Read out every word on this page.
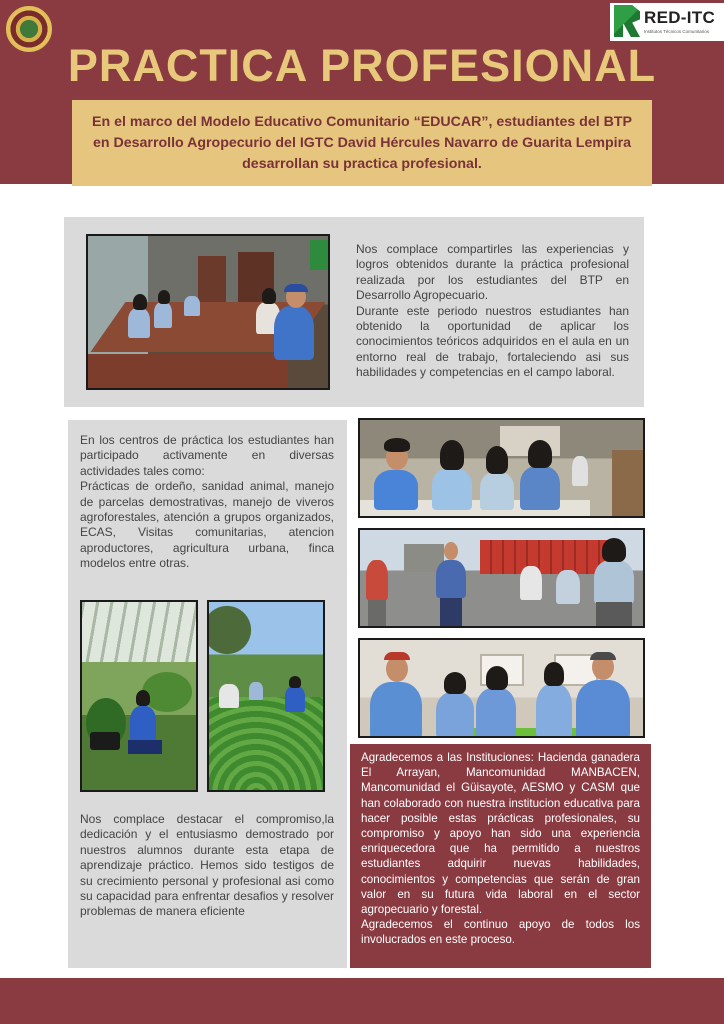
RED-ITC
Institutos Técnicos Comunitarios
PRACTICA PROFESIONAL

En el marco del Modelo Educativo Comunitario “EDUCAR”, estudiantes del BTP en Desarrollo Agropecurio del IGTC David Hércules Navarro de Guarita Lempira desarrollan su practica profesional.

Nos complace compartirles las experiencias y logros obtenidos durante la práctica profesional realizada por los estudiantes del BTP en Desarrollo Agropecuario.

Durante este periodo nuestros estudiantes han obtenido la oportunidad de aplicar los conocimientos teóricos adquiridos en el aula en un entorno real de trabajo, fortaleciendo asi sus habilidades y competencias en el campo laboral.

En los centros de práctica los estudiantes han participado activamente en diversas actividades tales como:

Prácticas de ordeño, sanidad animal, manejo de parcelas demostrativas, manejo de viveros agroforestales, atención a grupos organizados, ECAS, Visitas comunitarias, atencion aproductores, agricultura urbana, finca modelos entre otras.

Nos complace destacar el compromiso,la dedicación y el entusiasmo demostrado por nuestros alumnos durante esta etapa de aprendizaje práctico. Hemos sido testigos de su crecimiento personal y profesional asi como su capacidad para enfrentar desafios y resolver problemas de manera eficiente

Agradecemos a las Instituciones: Hacienda ganadera El Arrayan, Mancomunidad MANBACEN, Mancomunidad el Güisayote, AESMO y CASM que han colaborado con nuestra institucion educativa para hacer posible estas prácticas profesionales, su compromiso y apoyo han sido una experiencia enriquecedora que ha permitido a nuestros estudiantes adquirir nuevas habilidades, conocimientos y competencias que serán de gran valor en su futura vida laboral en el sector agropecuario y forestal.

Agradecemos el continuo apoyo de todos los involucrados en este proceso.
